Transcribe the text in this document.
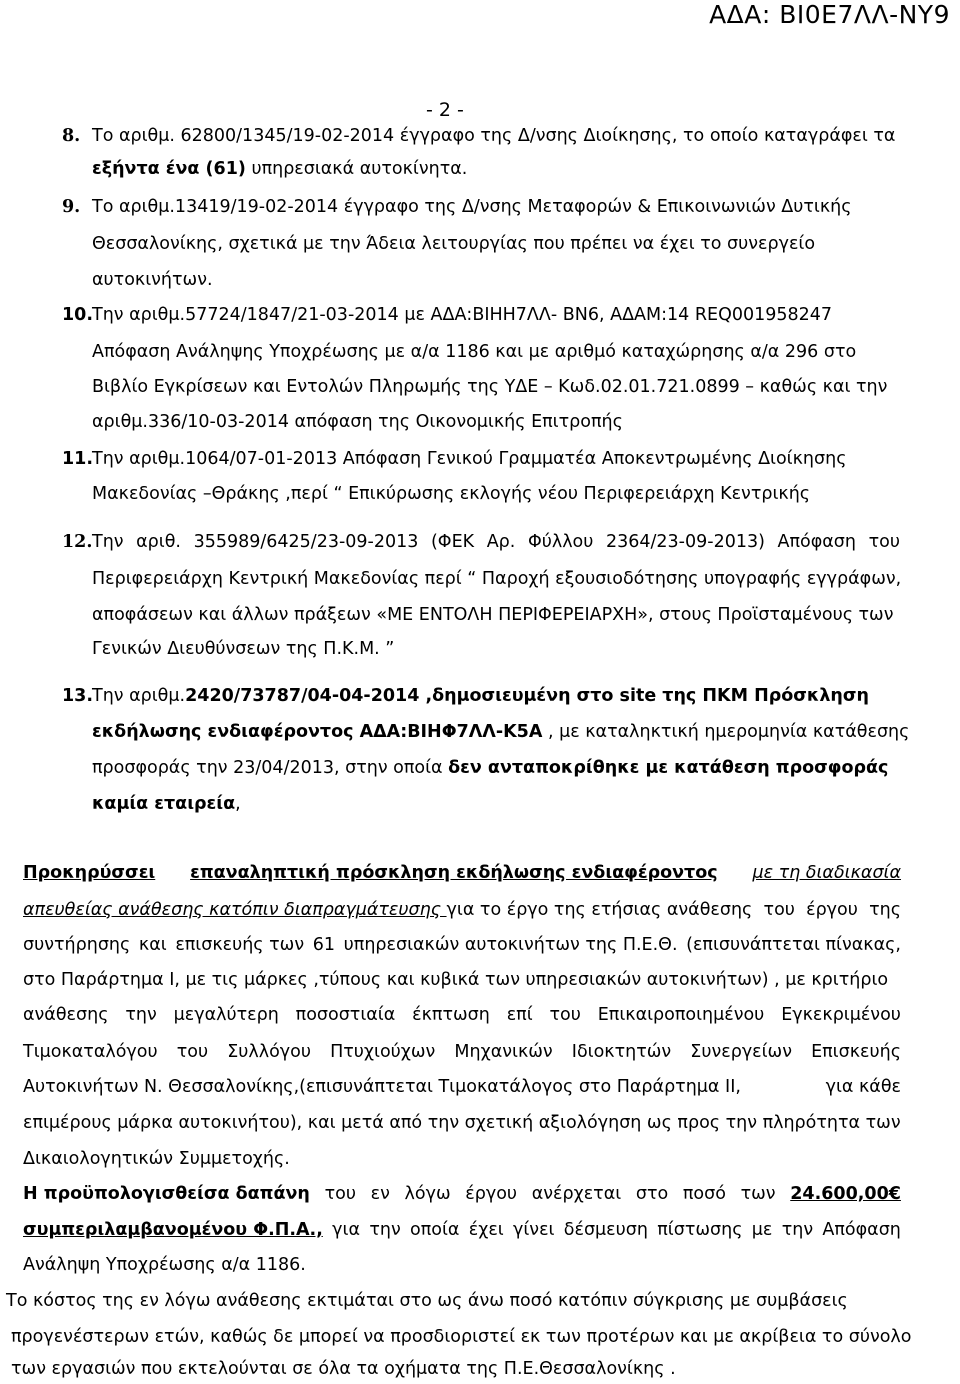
ΑΔΑ: ΒΙ0Ε7ΛΛ-ΝΥ9
- 2 -
8. Το αριθμ. 62800/1345/19-02-2014 έγγραφο της Δ/νσης Διοίκησης, το οποίο καταγράφει τα
εξήντα ένα (61) υπηρεσιακά αυτοκίνητα.
9. Το αριθμ.13419/19-02-2014 έγγραφο της Δ/νσης Μεταφορών & Επικοινωνιών Δυτικής
Θεσσαλονίκης, σχετικά με την Άδεια λειτουργίας που πρέπει να έχει το συνεργείο
αυτοκινήτων.
10.
Την αριθμ.57724/1847/21-03-2014 με ΑΔΑ:ΒΙΗΗ7ΛΛ- ΒΝ6, ΑΔΑΜ:14 REQ001958247
Απόφαση Ανάληψης Υποχρέωσης με α/α 1186 και με αριθμό καταχώρησης α/α 296 στο
Βιβλίο Εγκρίσεων και Εντολών Πληρωμής της ΥΔΕ – Κωδ.02.01.721.0899 – καθώς και την
αριθμ.336/10-03-2014 απόφαση της Οικονομικής Επιτροπής
11.
Την αριθμ.1064/07-01-2013 Απόφαση Γενικού Γραμματέα Αποκεντρωμένης Διοίκησης
Μακεδονίας –Θράκης ,περί “ Επικύρωσης εκλογής νέου Περιφερειάρχη Κεντρικής
12. Την αριθ. 355989/6425/23-09-2013 (ΦΕΚ Αρ. Φύλλου 2364/23-09-2013) Απόφαση του
Περιφερειάρχη Κεντρική Μακεδονίας περί “ Παροχή εξουσιοδότησης υπογραφής εγγράφων,
αποφάσεων και άλλων πράξεων «ΜΕ ΕΝΤΟΛΗ ΠΕΡΙΦΕΡΕΙΑΡΧΗ», στους Προϊσταμένους των
Γενικών Διευθύνσεων της Π.Κ.Μ. ”
13.
Την αριθμ.2420/73787/04-04-2014 ,δημοσιευμένη στο site της ΠΚΜ Πρόσκληση
εκδήλωσης ενδιαφέροντος ΑΔΑ:ΒΙΗΦ7ΛΛ-Κ5Α , με καταληκτική ημερομηνία κατάθεσης
προσφοράς την 23/04/2013, στην οποία δεν ανταποκρίθηκε με κατάθεση προσφοράς
καμία εταιρεία,
Προκηρύσσει επαναληπτική πρόσκληση εκδήλωσης ενδιαφέροντος με τη διαδικασία
απευθείας ανάθεσης κατόπιν διαπραγμάτευσης για το έργο της ετήσιας ανάθεσης του έργου της
συντήρησης και επισκευής των 61 υπηρεσιακών αυτοκινήτων της Π.Ε.Θ. (επισυνάπτεται πίνακας,
στο Παράρτημα Ι, με τις μάρκες ,τύπους και κυβικά των υπηρεσιακών αυτοκινήτων) , με κριτήριο
ανάθεσης την μεγαλύτερη ποσοστιαία έκπτωση επί του Επικαιροποιημένου Εγκεκριμένου
Τιμοκαταλόγου του Συλλόγου Πτυχιούχων Μηχανικών Ιδιοκτητών Συνεργείων Επισκευής
Αυτοκινήτων Ν. Θεσσαλονίκης,(επισυνάπτεται Τιμοκατάλογος στο Παράρτημα ΙΙ,	για κάθε
επιμέρους μάρκα αυτοκινήτου), και μετά από την σχετική αξιολόγηση ως προς την πληρότητα των
Δικαιολογητικών Συμμετοχής.
Η προϋπολογισθείσα δαπάνη του εν λόγω έργου ανέρχεται στο ποσό των 24.600,00€
συμπεριλαμβανομένου Φ.Π.Α., για την οποία έχει γίνει δέσμευση πίστωσης με την Απόφαση
Ανάληψη Υποχρέωσης α/α 1186.
Το κόστος της εν λόγω ανάθεσης εκτιμάται στο ως άνω ποσό κατόπιν σύγκρισης με συμβάσεις
προγενέστερων ετών, καθώς δε μπορεί να προσδιοριστεί εκ των προτέρων και με ακρίβεια το σύνολο
των εργασιών που εκτελούνται σε όλα τα οχήματα της Π.Ε.Θεσσαλονίκης .
